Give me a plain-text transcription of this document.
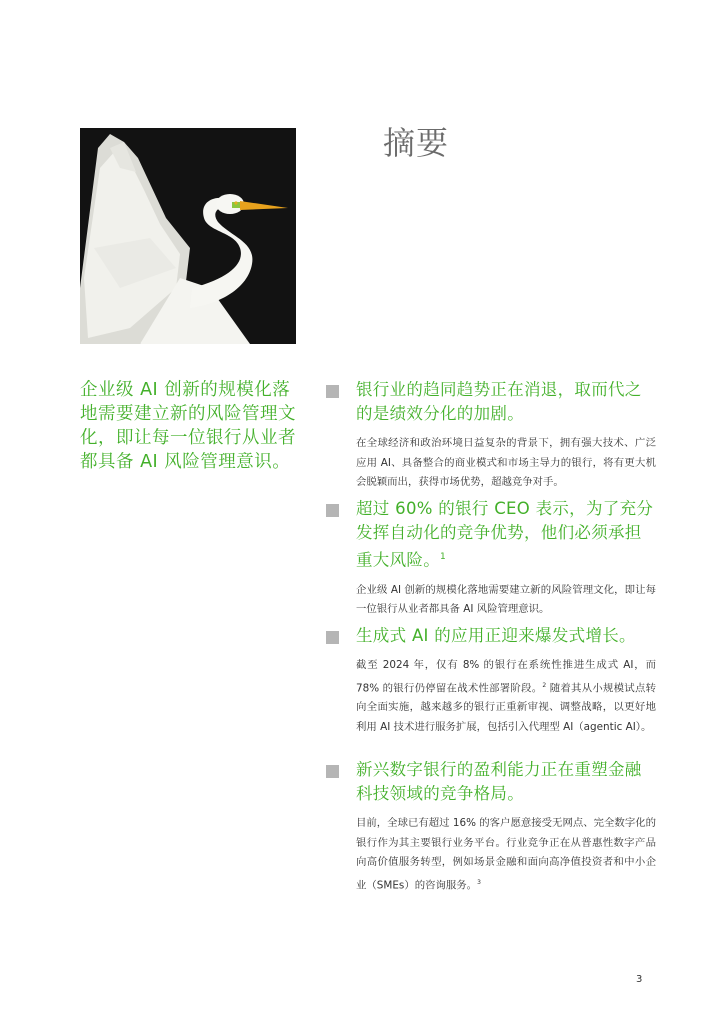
摘要
企业级 AI 创新的规模化落地需要建立新的风险管理文化，即让每一位银行从业者都具备 AI 风险管理意识。
银行业的趋同趋势正在消退，取而代之的是绩效分化的加剧。
在全球经济和政治环境日益复杂的背景下，拥有强大技术、广泛应用 AI、具备整合的商业模式和市场主导力的银行，将有更大机会脱颖而出，获得市场优势，超越竞争对手。
超过 60% 的银行 CEO 表示，为了充分发挥自动化的竞争优势，他们必须承担重大风险。$^1$
企业级 AI 创新的规模化落地需要建立新的风险管理文化，即让每一位银行从业者都具备 AI 风险管理意识。
生成式 AI 的应用正迎来爆发式增长。
截至 2024 年，仅有 8% 的银行在系统性推进生成式 AI，而 78% 的银行仍停留在战术性部署阶段。$^2$ 随着其从小规模试点转向全面实施，越来越多的银行正重新审视、调整战略，以更好地利用 AI 技术进行服务扩展，包括引入代理型 AI（agentic AI）。
新兴数字银行的盈利能力正在重塑金融科技领域的竞争格局。
目前，全球已有超过 16% 的客户愿意接受无网点、完全数字化的银行作为其主要银行业务平台。行业竞争正在从普惠性数字产品向高价值服务转型，例如场景金融和面向高净值投资者和中小企业（SMEs）的咨询服务。$^3$
3
